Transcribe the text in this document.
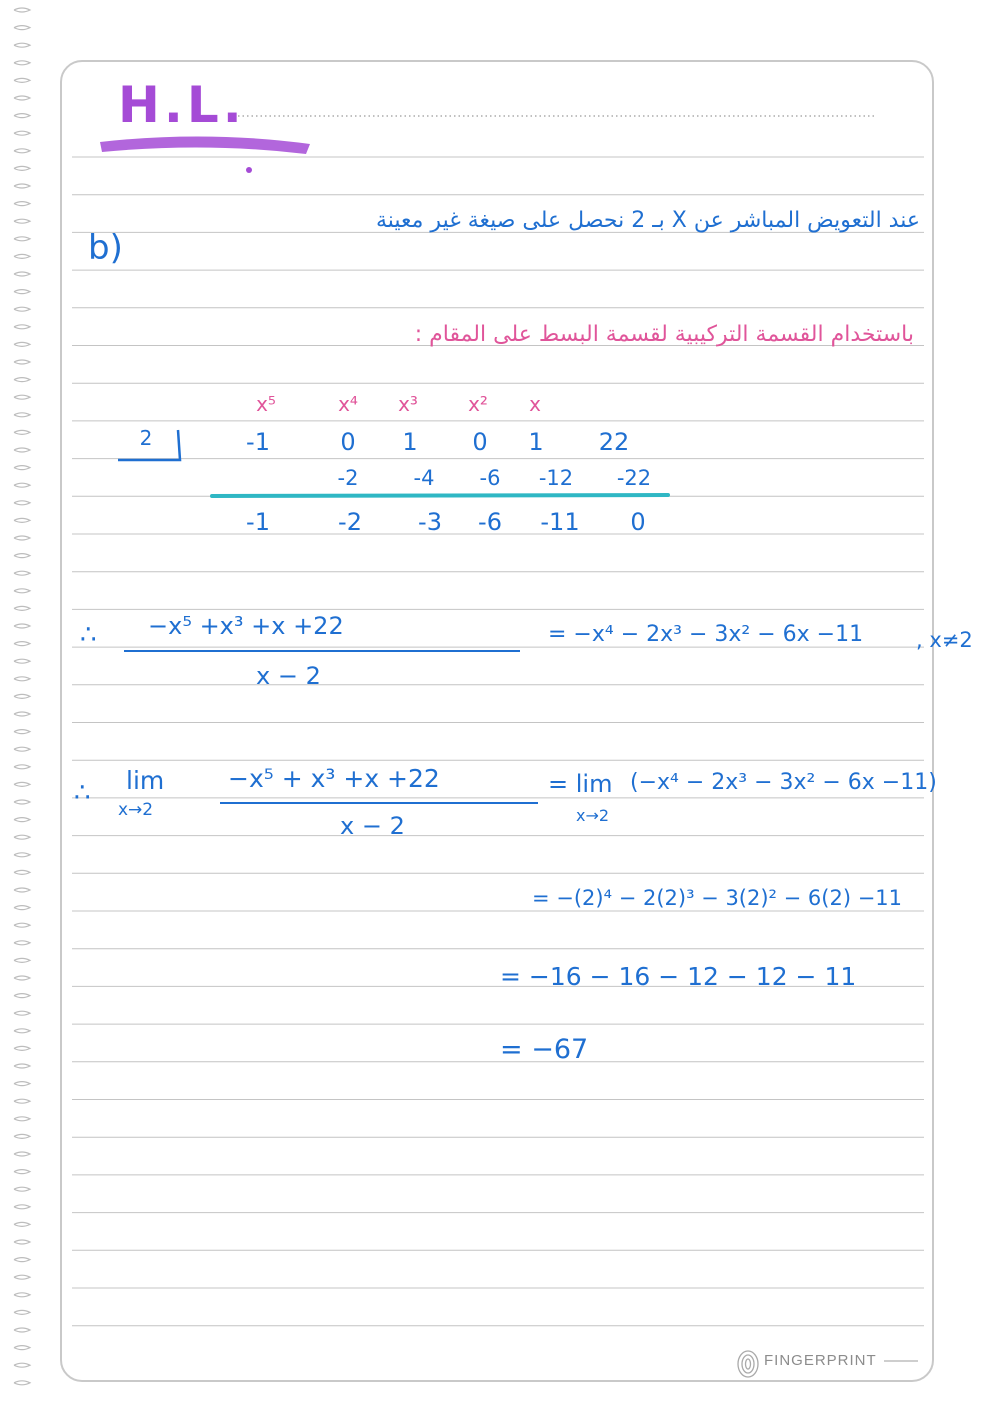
H.L.
b)
عند التعويض المباشر عن X بـ 2 نحصل على صيغة غير معينة
باستخدام القسمة التركيبية لقسمة البسط على المقام :
x⁵	x⁴	x³	x²	x
2	-1	0	1	0	1	22
-2	-4	-6	-12	-22
-1	-2	-3	-6	-11	0
∴ −x⁵ +x³ +x +22
x − 2
= −x⁴ − 2x³ − 3x² − 6x −11	, x≠2
∴ lim
x→2
−x⁵ + x³ +x +22
x − 2
= lim
x→2
(−x⁴ − 2x³ − 3x² − 6x −11)
= −(2)⁴ − 2(2)³ − 3(2)² − 6(2) −11
= −16 − 16 − 12 − 12 − 11
= −67
FINGERPRINT
